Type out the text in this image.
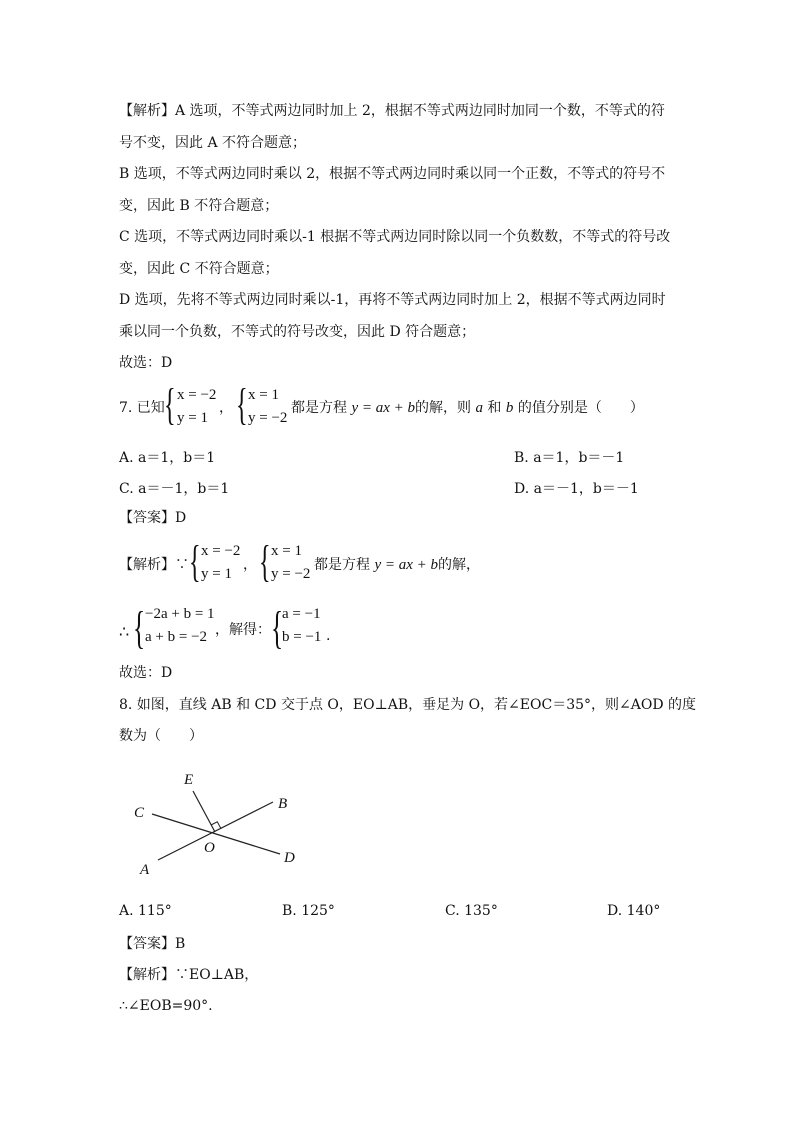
【解析】A 选项，不等式两边同时加上 2，根据不等式两边同时加同一个数，不等式的符
号不变，因此 A 不符合题意；
B 选项，不等式两边同时乘以 2，根据不等式两边同时乘以同一个正数，不等式的符号不
变，因此 B 不符合题意；
C 选项，不等式两边同时乘以-1 根据不等式两边同时除以同一个负数数，不等式的符号改
变，因此 C 不符合题意；
D 选项，先将不等式两边同时乘以-1，再将不等式两边同时加上 2，根据不等式两边同时
乘以同一个负数，不等式的符号改变，因此 D 符合题意；
故选：D
7. 已知 { x = −2
y = 1
， { x = 1
y = −2
都是方程 y = ax + b的解，则 a 和 b 的值分别是（　　）
A. a＝1，b＝1	B. a＝1，b＝－1
C. a＝－1，b＝1	D. a＝－1，b＝－1
【答案】D
【解析】∵ { x = −2
y = 1
， { x = 1
y = −2
都是方程 y = ax + b的解，
∴ { −2a + b = 1
a + b = −2 ，解得： {
a = −1
b = −1 .
故选：D
8. 如图，直线 AB 和 CD 交于点 O，EO⊥AB，垂足为 O，若∠EOC＝35°，则∠AOD 的度
数为（　　）
E
B
C
O
D
A
A. 115°	B. 125°	C. 135°	D. 140°
【答案】B
【解析】∵EO⊥AB，
∴∠EOB=90°.
